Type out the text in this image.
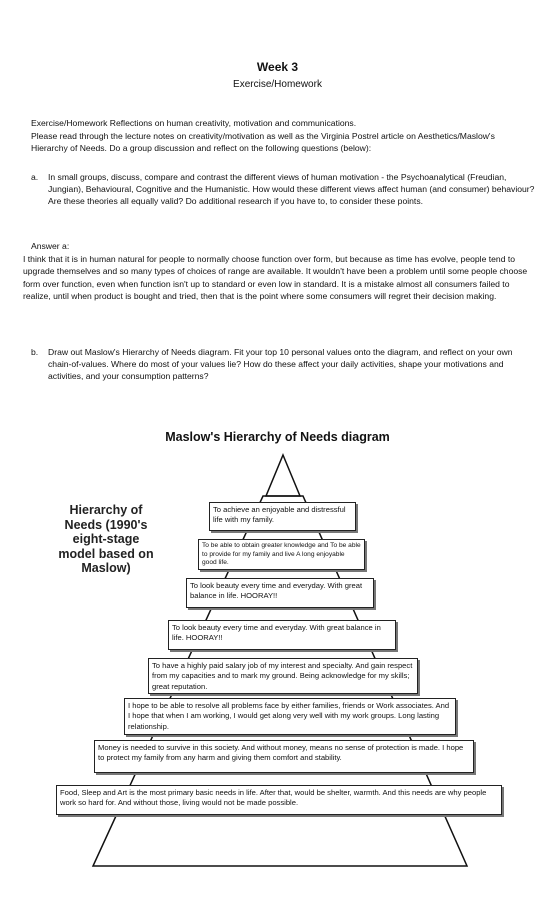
Week 3
Exercise/Homework
Exercise/Homework Reflections on human creativity, motivation and communications.
Please read through the lecture notes on creativity/motivation as well as the Virginia Postrel article on Aesthetics/Maslow's Hierarchy of Needs. Do a group discussion and reflect on the following questions (below):
a. In small groups, discuss, compare and contrast the different views of human motivation - the Psychoanalytical (Freudian, Jungian), Behavioural, Cognitive and the Humanistic. How would these different views affect human (and consumer) behaviour? Are these theories all equally valid? Do additional research if you have to, to consider these points.
Answer a:
I think that it is in human natural for people to normally choose function over form, but because as time has evolve, people tend to upgrade themselves and so many types of choices of range are available. It wouldn't have been a problem until some people choose form over function, even when function isn't up to standard or even low in standard. It is a mistake almost all consumers failed to realize, until when product is bought and tried, then that is the point where some consumers will regret their decision making.
b. Draw out Maslow's Hierarchy of Needs diagram. Fit your top 10 personal values onto the diagram, and reflect on your own chain-of-values. Where do most of your values lie? How do these affect your daily activities, shape your motivations and activities, and your consumption patterns?
Maslow's Hierarchy of Needs diagram
Hierarchy of Needs (1990's eight-stage model based on Maslow)
To achieve an enjoyable and distressful life with my family.
To be able to obtain greater knowledge and To be able to provide for my family and live A long enjoyable good life.
To look beauty every time and everyday. With great balance in life. HOORAY!!
To look beauty every time and everyday. With great balance in life. HOORAY!!
To have a highly paid salary job of my interest and specialty. And gain respect from my capacities and to mark my ground. Being acknowledge for my skills; great reputation.
I hope to be able to resolve all problems face by either families, friends or Work associates. And I hope that when I am working, I would get along very well with my work groups. Long lasting relationship.
Money is needed to survive in this society. And without money, means no sense of protection is made. I hope to protect my family from any harm and giving them comfort and stability.
Food, Sleep and Art is the most primary basic needs in life. After that, would be shelter, warmth. And this needs are why people work so hard for. And without those, living would not be made possible.
